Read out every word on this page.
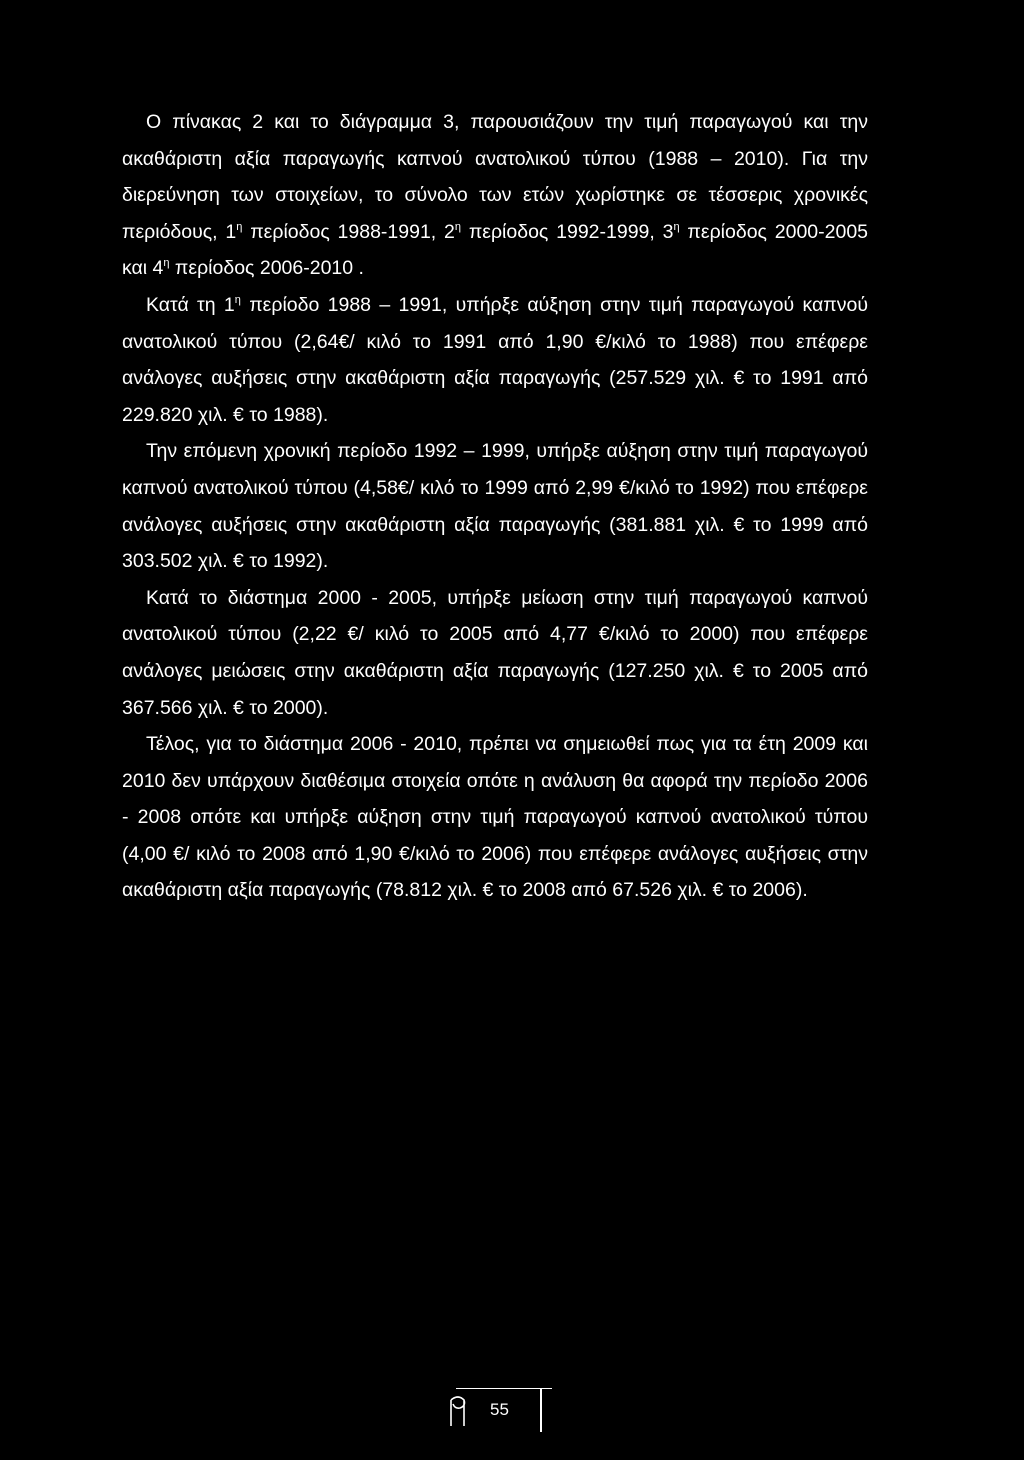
Ο πίνακας 2 και το διάγραμμα 3, παρουσιάζουν την τιμή παραγωγού και την ακαθάριστη αξία παραγωγής καπνού ανατολικού τύπου (1988 – 2010). Για την διερεύνηση των στοιχείων, το σύνολο των ετών χωρίστηκε σε τέσσερις χρονικές περιόδους, $1^\eta$ περίοδος 1988-1991, $2^\eta$ περίοδος 1992-1999, $3^\eta$ περίοδος 2000-2005 και $4^\eta$ περίοδος 2006-2010 .

Κατά τη $1^\eta$ περίοδο 1988 – 1991, υπήρξε αύξηση στην τιμή παραγωγού καπνού ανατολικού τύπου (2,64€/ κιλό το 1991 από 1,90 €/κιλό το 1988) που επέφερε ανάλογες αυξήσεις στην ακαθάριστη αξία παραγωγής (257.529 χιλ. € το 1991 από 229.820 χιλ. € το 1988).

Την επόμενη χρονική περίοδο 1992 – 1999, υπήρξε αύξηση στην τιμή παραγωγού καπνού ανατολικού τύπου (4,58€/ κιλό το 1999 από 2,99 €/κιλό το 1992) που επέφερε ανάλογες αυξήσεις στην ακαθάριστη αξία παραγωγής (381.881 χιλ. € το 1999 από 303.502 χιλ. € το 1992).

Κατά το διάστημα 2000 - 2005, υπήρξε μείωση στην τιμή παραγωγού καπνού ανατολικού τύπου (2,22 €/ κιλό το 2005 από 4,77 €/κιλό το 2000) που επέφερε ανάλογες μειώσεις στην ακαθάριστη αξία παραγωγής (127.250 χιλ. € το 2005 από 367.566 χιλ. € το 2000).

Τέλος, για το διάστημα 2006 - 2010, πρέπει να σημειωθεί πως για τα έτη 2009 και 2010 δεν υπάρχουν διαθέσιμα στοιχεία οπότε η ανάλυση θα αφορά την περίοδο 2006 - 2008 οπότε και υπήρξε αύξηση στην τιμή παραγωγού καπνού ανατολικού τύπου (4,00 €/ κιλό το 2008 από 1,90 €/κιλό το 2006) που επέφερε ανάλογες αυξήσεις στην ακαθάριστη αξία παραγωγής (78.812 χιλ. € το 2008 από 67.526 χιλ. € το 2006).

55
